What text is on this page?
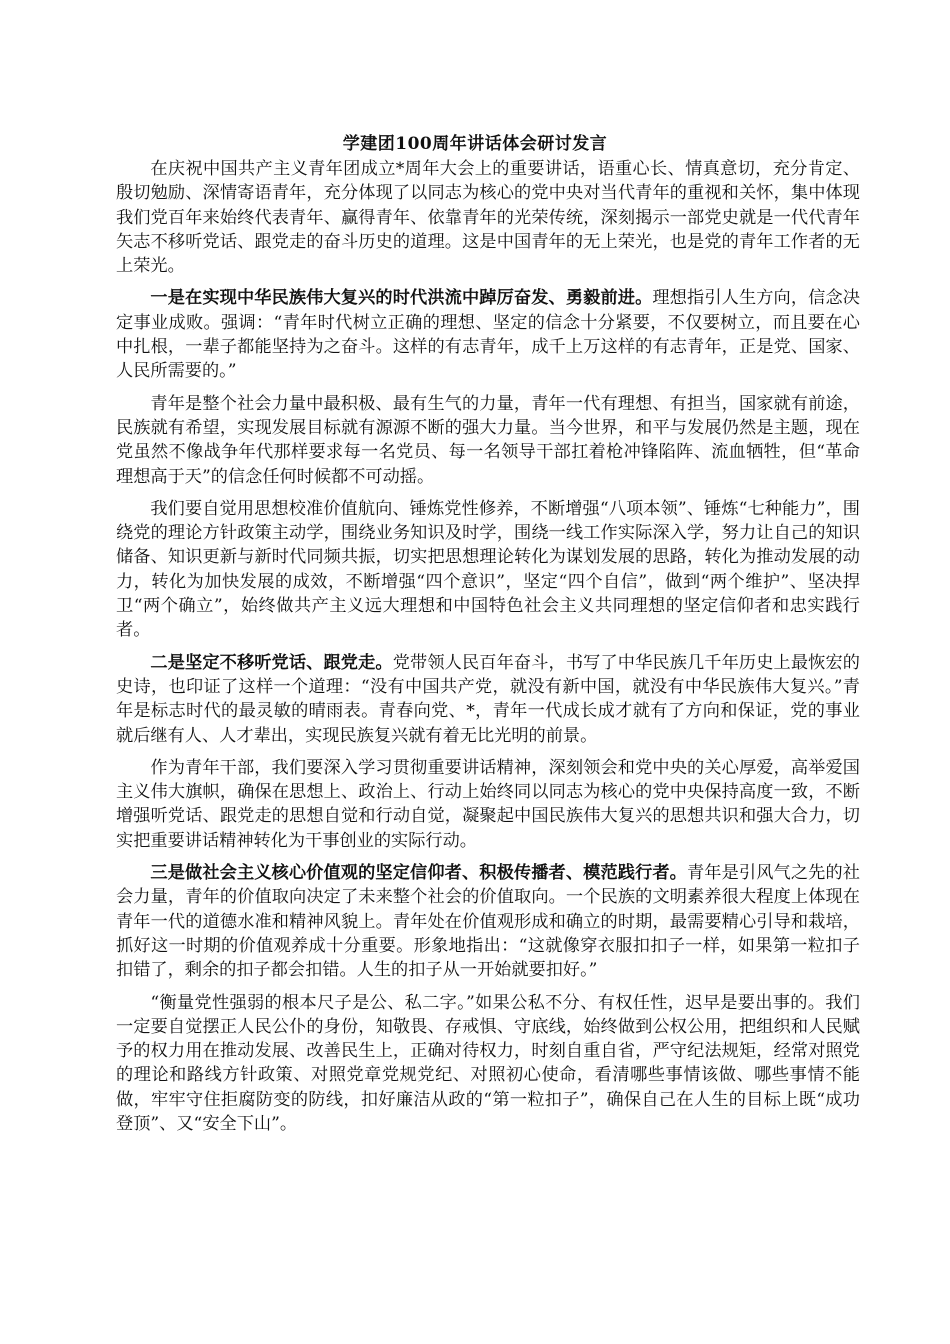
学建团100周年讲话体会研讨发言

在庆祝中国共产主义青年团成立*周年大会上的重要讲话，语重心长、情真意切，充分肯定、殷切勉励、深情寄语青年，充分体现了以同志为核心的党中央对当代青年的重视和关怀，集中体现我们党百年来始终代表青年、赢得青年、依靠青年的光荣传统，深刻揭示一部党史就是一代代青年矢志不移听党话、跟党走的奋斗历史的道理。这是中国青年的无上荣光，也是党的青年工作者的无上荣光。

一是在实现中华民族伟大复兴的时代洪流中踔厉奋发、勇毅前进。理想指引人生方向，信念决定事业成败。强调：“青年时代树立正确的理想、坚定的信念十分紧要，不仅要树立，而且要在心中扎根，一辈子都能坚持为之奋斗。这样的有志青年，成千上万这样的有志青年，正是党、国家、人民所需要的。”

青年是整个社会力量中最积极、最有生气的力量，青年一代有理想、有担当，国家就有前途，民族就有希望，实现发展目标就有源源不断的强大力量。当今世界，和平与发展仍然是主题，现在党虽然不像战争年代那样要求每一名党员、每一名领导干部扛着枪冲锋陷阵、流血牺牲，但“革命理想高于天”的信念任何时候都不可动摇。

我们要自觉用思想校准价值航向、锤炼党性修养，不断增强“八项本领”、锤炼“七种能力”，围绕党的理论方针政策主动学，围绕业务知识及时学，围绕一线工作实际深入学，努力让自己的知识储备、知识更新与新时代同频共振，切实把思想理论转化为谋划发展的思路，转化为推动发展的动力，转化为加快发展的成效，不断增强“四个意识”，坚定“四个自信”，做到“两个维护”、坚决捍卫“两个确立”，始终做共产主义远大理想和中国特色社会主义共同理想的坚定信仰者和忠实践行者。

二是坚定不移听党话、跟党走。党带领人民百年奋斗，书写了中华民族几千年历史上最恢宏的史诗，也印证了这样一个道理：“没有中国共产党，就没有新中国，就没有中华民族伟大复兴。”青年是标志时代的最灵敏的晴雨表。青春向党、*，青年一代成长成才就有了方向和保证，党的事业就后继有人、人才辈出，实现民族复兴就有着无比光明的前景。

作为青年干部，我们要深入学习贯彻重要讲话精神，深刻领会和党中央的关心厚爱，高举爱国主义伟大旗帜，确保在思想上、政治上、行动上始终同以同志为核心的党中央保持高度一致，不断增强听党话、跟党走的思想自觉和行动自觉，凝聚起中国民族伟大复兴的思想共识和强大合力，切实把重要讲话精神转化为干事创业的实际行动。

三是做社会主义核心价值观的坚定信仰者、积极传播者、模范践行者。青年是引风气之先的社会力量，青年的价值取向决定了未来整个社会的价值取向。一个民族的文明素养很大程度上体现在青年一代的道德水准和精神风貌上。青年处在价值观形成和确立的时期，最需要精心引导和栽培，抓好这一时期的价值观养成十分重要。形象地指出：“这就像穿衣服扣扣子一样，如果第一粒扣子扣错了，剩余的扣子都会扣错。人生的扣子从一开始就要扣好。”

“衡量党性强弱的根本尺子是公、私二字。”如果公私不分、有权任性，迟早是要出事的。我们一定要自觉摆正人民公仆的身份，知敬畏、存戒惧、守底线，始终做到公权公用，把组织和人民赋予的权力用在推动发展、改善民生上，正确对待权力，时刻自重自省，严守纪法规矩，经常对照党的理论和路线方针政策、对照党章党规党纪、对照初心使命，看清哪些事情该做、哪些事情不能做，牢牢守住拒腐防变的防线，扣好廉洁从政的“第一粒扣子”，确保自己在人生的目标上既“成功登顶”、又“安全下山”。
